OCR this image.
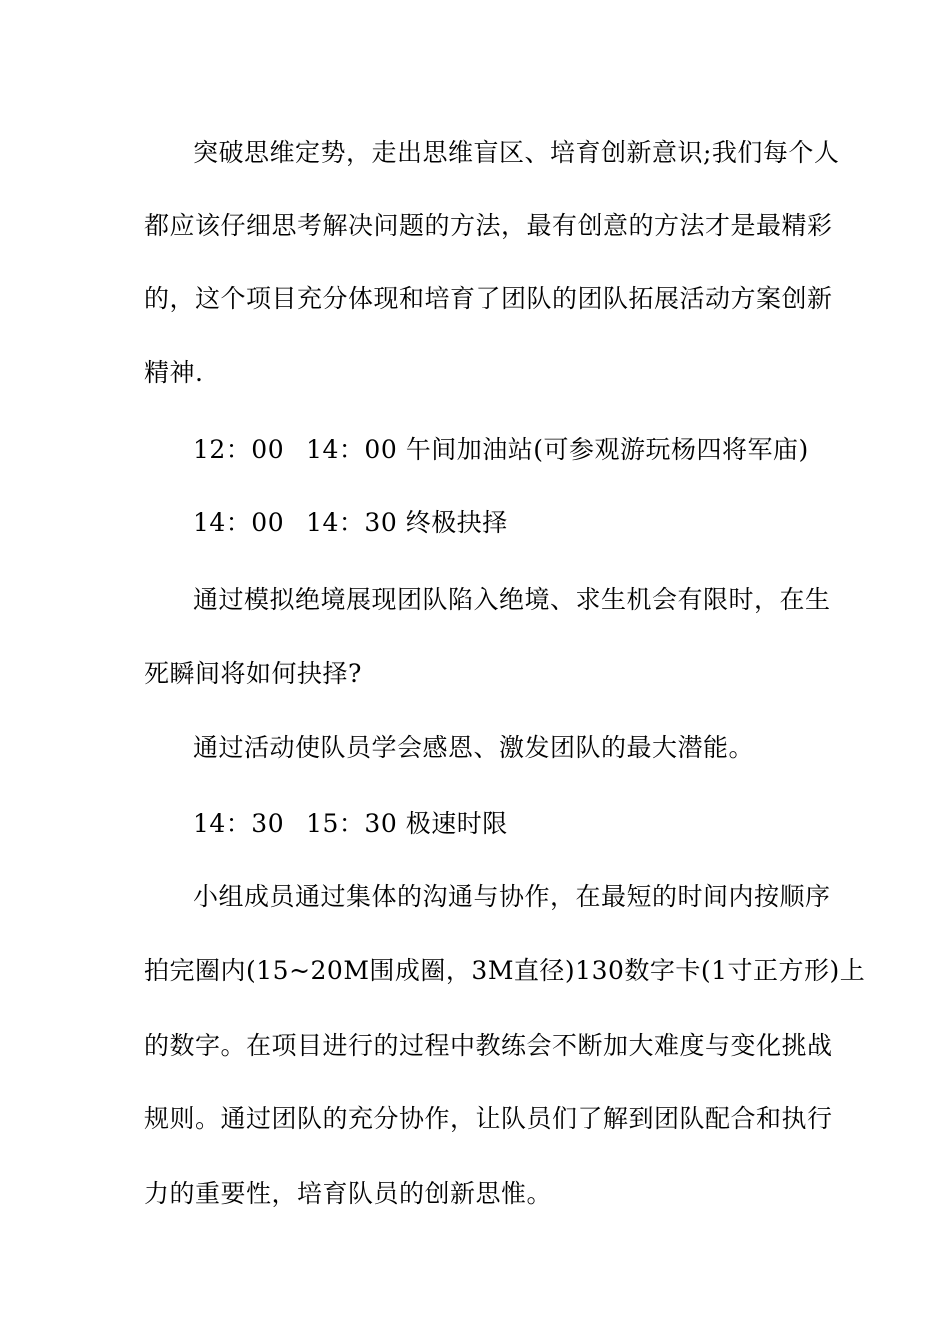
突破思维定势，走出思维盲区、培育创新意识;我们每个人

都应该仔细思考解决问题的方法，最有创意的方法才是最精彩

的，这个项目充分体现和培育了团队的团队拓展活动方案创新

精神.

12：00 14：00 午间加油站(可参观游玩杨四将军庙)

14：00 14：30 终极抉择

通过模拟绝境展现团队陷入绝境、求生机会有限时，在生

死瞬间将如何抉择?

通过活动使队员学会感恩、激发团队的最大潜能。

14：30 15：30 极速时限

小组成员通过集体的沟通与协作，在最短的时间内按顺序

拍完圈内(15~20M围成圈，3M直径)130数字卡(1寸正方形)上

的数字。在项目进行的过程中教练会不断加大难度与变化挑战

规则。通过团队的充分协作，让队员们了解到团队配合和执行

力的重要性，培育队员的创新思惟。
